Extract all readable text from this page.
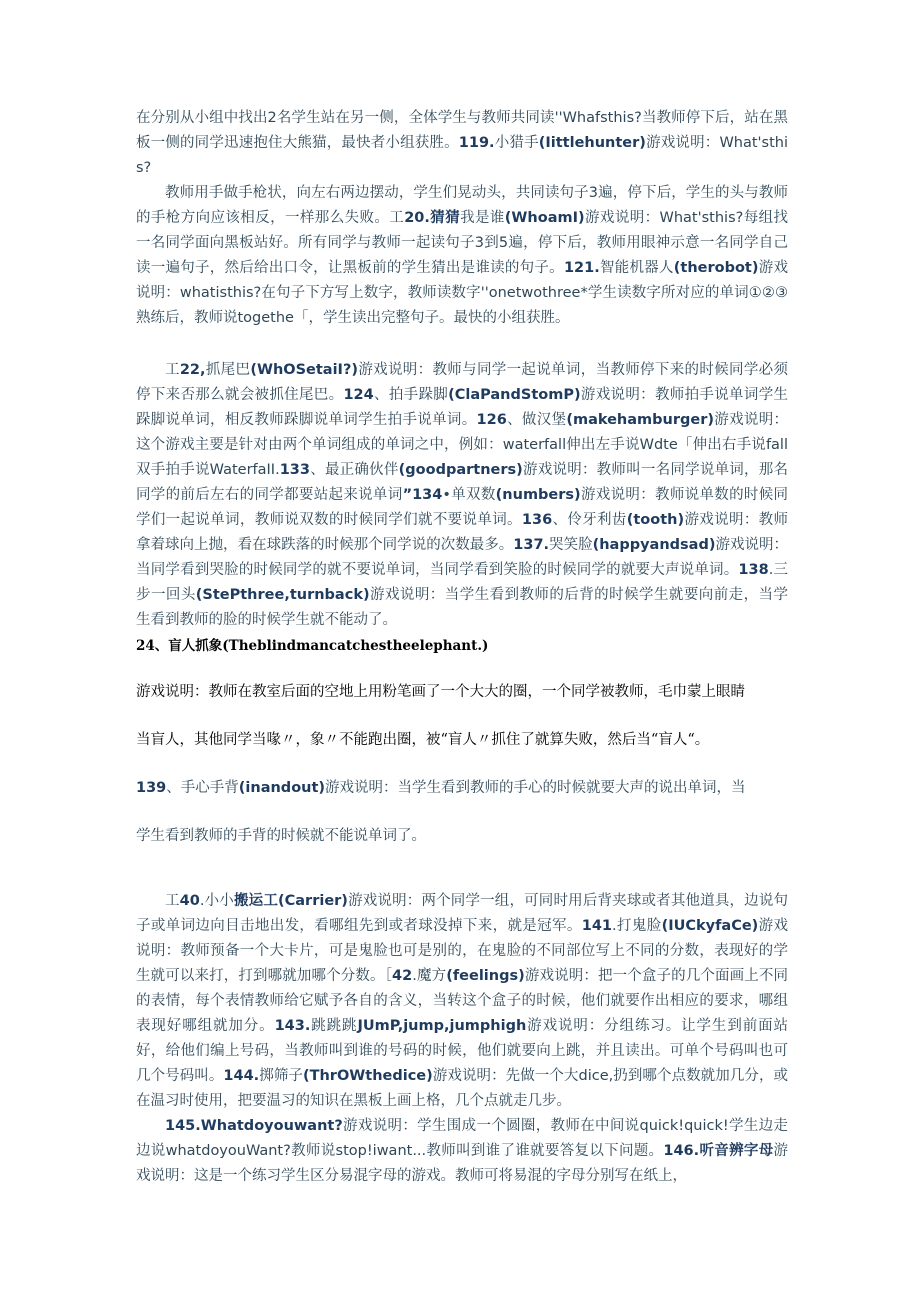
在分别从小组中找出2名学生站在另一侧，全体学生与教师共同读''Whafsthis?当教师停下后，站在黑板一侧的同学迅速抱住大熊猫，最快者小组获胜。119.小猎手(Iittlehunter)游戏说明：What'sthis?

教师用手做手枪状，向左右两边摆动，学生们晃动头，共同读句子3遍，停下后，学生的头与教师的手枪方向应该相反，一样那么失败。工20.猜猜我是谁(WhoamI)游戏说明：What'sthis?每组找一名同学面向黑板站好。所有同学与教师一起读句子3到5遍，停下后，教师用眼神示意一名同学自己读一遍句子，然后给出口令，让黑板前的学生猜出是谁读的句子。121.智能机器人(therobot)游戏说明：whatisthis?在句子下方写上数字，教师读数字''onetwothree*学生读数字所对应的单词①②③熟练后，教师说togethe「，学生读出完整句子。最快的小组获胜。

工22,抓尾巴(WhOSetaiI?)游戏说明：教师与同学一起说单词，当教师停下来的时候同学必须停下来否那么就会被抓住尾巴。124、拍手跺脚(ClaPandStomP)游戏说明：教师拍手说单词学生跺脚说单词，相反教师跺脚说单词学生拍手说单词。126、做汉堡(makehamburger)游戏说明：这个游戏主要是针对由两个单词组成的单词之中，例如：waterfall伸出左手说Wdte「伸出右手说fall双手拍手说WaterfaII.133、最正确伙伴(goodpartners)游戏说明：教师叫一名同学说单词，那名同学的前后左右的同学都要站起来说单词”134•单双数(numbers)游戏说明：教师说单数的时候同学们一起说单词，教师说双数的时候同学们就不要说单词。136、伶牙利齿(tooth)游戏说明：教师拿着球向上抛，看在球跌落的时候那个同学说的次数最多。137.哭笑脸(happyandsad)游戏说明：当同学看到哭脸的时候同学的就不要说单词，当同学看到笑脸的时候同学的就要大声说单词。138.三步一回头(StePthree,turnback)游戏说明：当学生看到教师的后背的时候学生就要向前走，当学生看到教师的脸的时候学生就不能动了。

24、盲人抓象(Theblindmancatchestheelephant.)

游戏说明：教师在教室后面的空地上用粉笔画了一个大大的圈，一个同学被教师，毛巾蒙上眼睛

当盲人，其他同学当喙〃，象〃不能跑出圈，被“盲人〃抓住了就算失败，然后当“盲人“。

139、手心手背(inandout)游戏说明：当学生看到教师的手心的时候就要大声的说出单词，当

学生看到教师的手背的时候就不能说单词了。

工40.小小搬运工(Carrier)游戏说明：两个同学一组，可同时用后背夹球或者其他道具，边说句子或单词边向目击地出发，看哪组先到或者球没掉下来，就是冠军。141.打鬼脸(IUCkyfaCe)游戏说明：教师预备一个大卡片，可是鬼脸也可是别的，在鬼脸的不同部位写上不同的分数，表现好的学生就可以来打，打到哪就加哪个分数。［42.魔方(feelings)游戏说明：把一个盒子的几个面画上不同的表情，每个表情教师给它赋予各自的含义，当转这个盒子的时候，他们就要作出相应的要求，哪组表现好哪组就加分。143.跳跳跳JUmP,jump,jumphigh游戏说明：分组练习。让学生到前面站好，给他们编上号码，当教师叫到谁的号码的时候，他们就要向上跳，并且读出。可单个号码叫也可几个号码叫。144.掷筛子(ThrOWthedice)游戏说明：先做一个大dice,扔到哪个点数就加几分，或在温习时使用，把要温习的知识在黑板上画上格，几个点就走几步。

145.Whatdoyouwant?游戏说明：学生围成一个圆圈，教师在中间说quick!quick!学生边走边说whatdoyouWant?教师说stop!iwant...教师叫到谁了谁就要答复以下问题。146.听音辨字母游戏说明：这是一个练习学生区分易混字母的游戏。教师可将易混的字母分别写在纸上，
